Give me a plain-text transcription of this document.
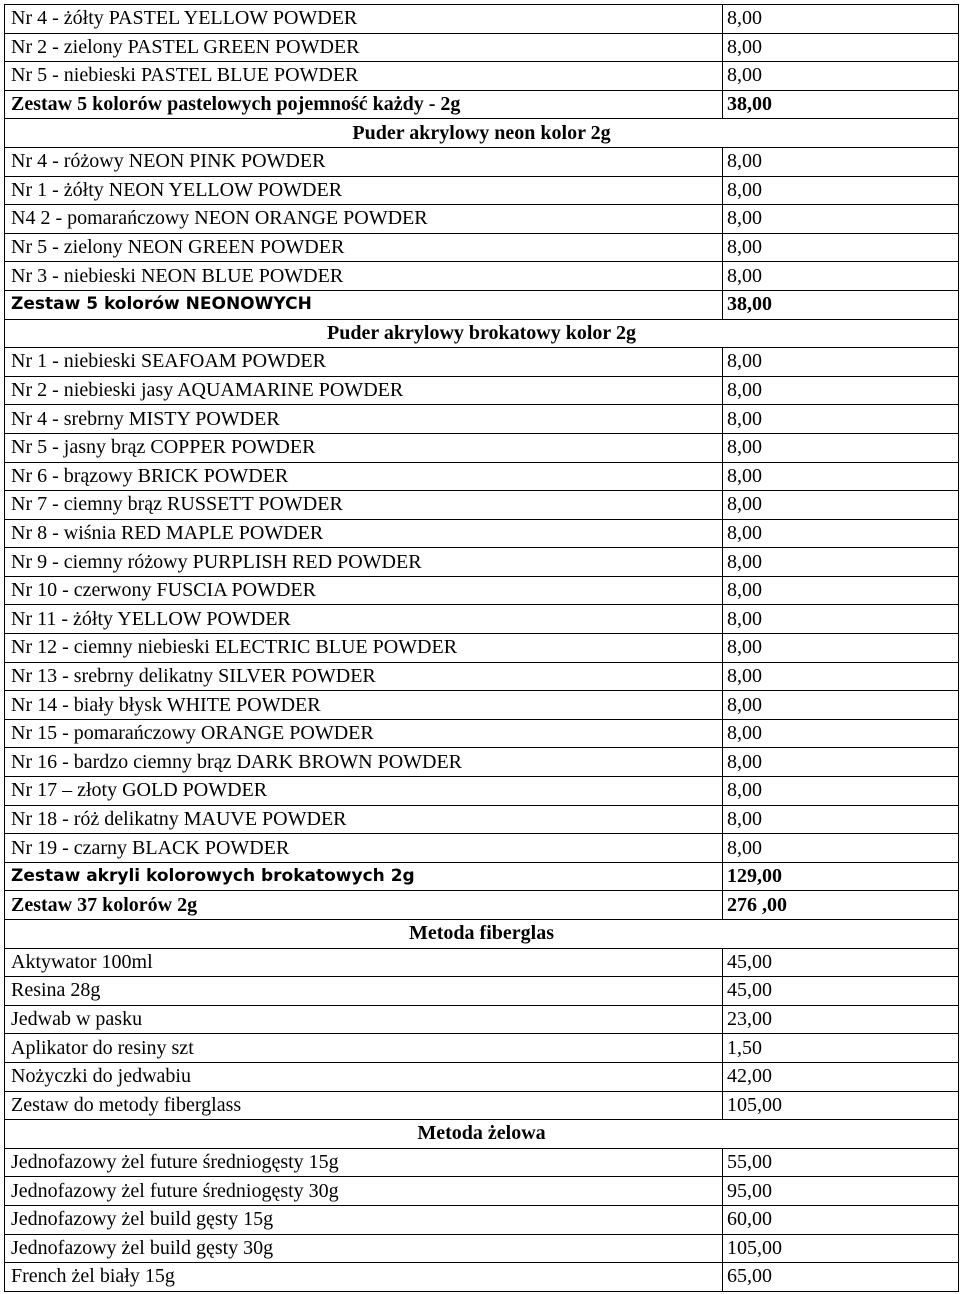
Nr 4 - żółty PASTEL YELLOW POWDER	8,00
Nr 2 - zielony PASTEL GREEN POWDER	8,00
Nr 5 - niebieski PASTEL BLUE POWDER	8,00
Zestaw 5 kolorów pastelowych pojemność każdy - 2g	38,00
Puder akrylowy neon kolor 2g	
Nr 4 - różowy NEON PINK POWDER	8,00
Nr 1 - żółty NEON YELLOW POWDER	8,00
N4 2 - pomarańczowy NEON ORANGE POWDER	8,00
Nr 5 - zielony NEON GREEN POWDER	8,00
Nr 3 - niebieski NEON BLUE POWDER	8,00
Zestaw 5 kolorów NEONOWYCH	38,00
Puder akrylowy brokatowy kolor 2g	
Nr 1 - niebieski SEAFOAM POWDER	8,00
Nr 2 - niebieski jasy AQUAMARINE POWDER	8,00
Nr 4 - srebrny MISTY POWDER	8,00
Nr 5 - jasny brąz COPPER POWDER	8,00
Nr 6 - brązowy BRICK POWDER	8,00
Nr 7 - ciemny brąz RUSSETT POWDER	8,00
Nr 8 - wiśnia RED MAPLE POWDER	8,00
Nr 9 - ciemny różowy PURPLISH RED POWDER	8,00
Nr 10 - czerwony FUSCIA POWDER	8,00
Nr 11 - żółty YELLOW POWDER	8,00
Nr 12 - ciemny niebieski ELECTRIC BLUE POWDER	8,00
Nr 13 - srebrny delikatny SILVER POWDER	8,00
Nr 14 - biały błysk WHITE POWDER	8,00
Nr 15 - pomarańczowy ORANGE POWDER	8,00
Nr 16 - bardzo ciemny brąz DARK BROWN POWDER	8,00
Nr 17 – złoty GOLD POWDER	8,00
Nr 18 - róż delikatny MAUVE POWDER	8,00
Nr 19 - czarny BLACK POWDER	8,00
Zestaw akryli kolorowych brokatowych 2g	129,00
Zestaw 37 kolorów 2g	276 ,00
Metoda fiberglas	
Aktywator 100ml	45,00
Resina 28g	45,00
Jedwab w pasku	23,00
Aplikator do resiny szt	1,50
Nożyczki do jedwabiu	42,00
Zestaw do metody fiberglass	105,00
Metoda żelowa	
Jednofazowy żel future średniogęsty 15g	55,00
Jednofazowy żel future średniogęsty 30g	95,00
Jednofazowy żel build gęsty 15g	60,00
Jednofazowy żel build gęsty 30g	105,00
French żel biały 15g	65,00
